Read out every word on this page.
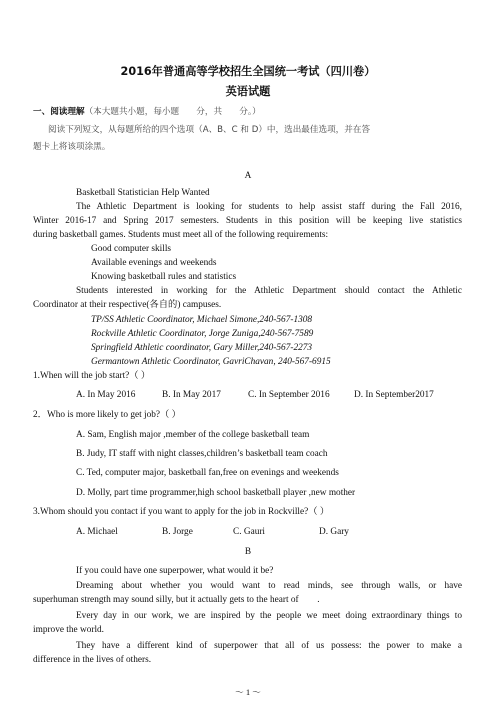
2016年普通高等学校招生全国统一考试（四川卷）
英语试题
一、阅读理解（本大题共小题，每小题　　分，共　　分。）
阅读下列短文，从每题所给的四个选项（A、B、C 和 D）中，选出最佳选项，并在答
题卡上将该项涂黑。
A
Basketball Statistician Help Wanted
The Athletic Department is looking for students to help assist staff during the Fall 2016,
Winter 2016-17 and Spring 2017 semesters. Students in this position will be keeping live statistics
during basketball games. Students must meet all of the following requirements:
Good computer skills
Available evenings and weekends
Knowing basketball rules and statistics
Students interested in working for the Athletic Department should contact the Athletic
Coordinator at their respective(各自的) campuses.
TP/SS Athletic Coordinator, Michael Simone,240-567-1308
Rockville Athletic Coordinator, Jorge Zuniga,240-567-7589
Springfield Athletic coordinator, Gary Miller,240-567-2273
Germantown Athletic Coordinator, GavriChavan, 240-567-6915
1.When will the job start?（ ）
A. In May 2016	B. In May 2017	C. In September 2016	D. In September2017
2．Who is more likely to get job?（ ）
A. Sam, English major ,member of the college basketball team
B. Judy, IT staff with night classes,children’s basketball team coach
C. Ted, computer major, basketball fan,free on evenings and weekends
D. Molly, part time programmer,high school basketball player ,new mother
3.Whom should you contact if you want to apply for the job in Rockville?（ ）
A. Michael	B. Jorge	C. Gauri	D. Gary
B
If you could have one superpower, what would it be?
Dreaming about whether you would want to read minds, see through walls, or have
superhuman strength may sound silly, but it actually gets to the heart of　　.
Every day in our work, we are inspired by the people we meet doing extraordinary things to
improve the world.
They have a different kind of superpower that all of us possess: the power to make a
difference in the lives of others.
～ 1 ～
